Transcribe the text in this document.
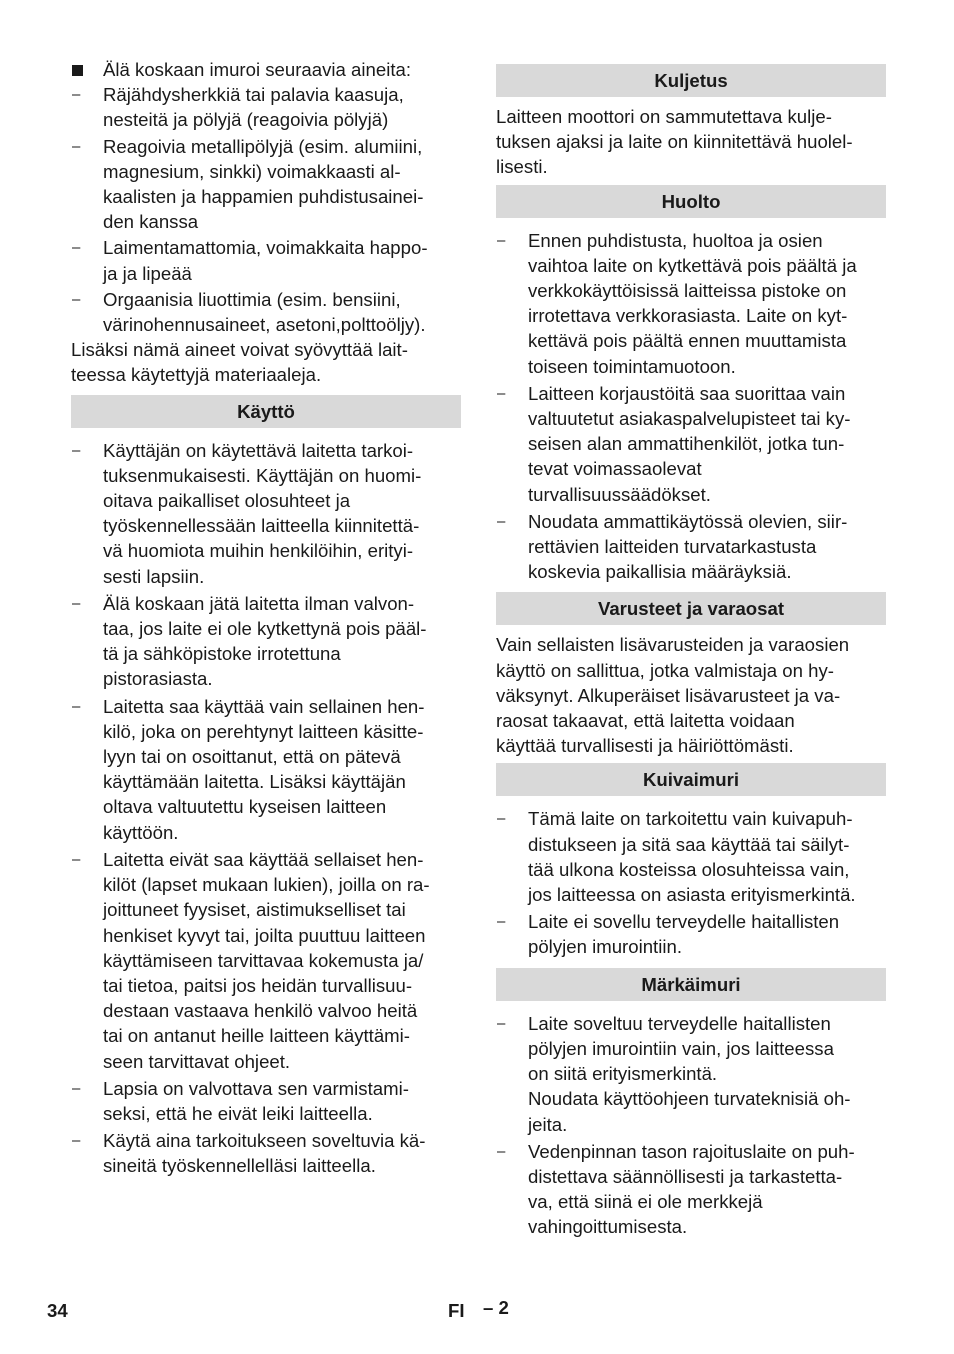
Älä koskaan imuroi seuraavia aineita:
–	Räjähdysherkkiä tai palavia kaasuja,
nesteitä ja pölyjä (reagoivia pölyjä)
–	Reagoivia metallipölyjä (esim. alumiini,
magnesium, sinkki) voimakkaasti al-
kaalisten ja happamien puhdistusainei-
den kanssa
–	Laimentamattomia, voimakkaita happo-
ja ja lipeää
–	Orgaanisia liuottimia (esim. bensiini,
värinohennusaineet, asetoni,polttoöljy).

Lisäksi nämä aineet voivat syövyttää lait-
teessa käytettyjä materiaaleja.

Käyttö
–	Käyttäjän on käytettävä laitetta tarkoi-
tuksenmukaisesti. Käyttäjän on huomi-
oitava paikalliset olosuhteet ja
työskennellessään laitteella kiinnitettä-
vä huomiota muihin henkilöihin, erityi-
sesti lapsiin.
–	Älä koskaan jätä laitetta ilman valvon-
taa, jos laite ei ole kytkettynä pois pääl-
tä ja sähköpistoke irrotettuna
pistorasiasta.
–	Laitetta saa käyttää vain sellainen hen-
kilö, joka on perehtynyt laitteen käsitte-
lyyn tai on osoittanut, että on pätevä
käyttämään laitetta. Lisäksi käyttäjän
oltava valtuutettu kyseisen laitteen
käyttöön.
–	Laitetta eivät saa käyttää sellaiset hen-
kilöt (lapset mukaan lukien), joilla on ra-
joittuneet fyysiset, aistimukselliset tai
henkiset kyvyt tai, joilta puuttuu laitteen
käyttämiseen tarvittavaa kokemusta ja/
tai tietoa, paitsi jos heidän turvallisuu-
destaan vastaava henkilö valvoo heitä
tai on antanut heille laitteen käyttämi-
seen tarvittavat ohjeet.
–	Lapsia on valvottava sen varmistami-
seksi, että he eivät leiki laitteella.
–	Käytä aina tarkoitukseen soveltuvia kä-
sineitä työskennellelläsi laitteella.
Kuljetus

Laitteen moottori on sammutettava kulje-
tuksen ajaksi ja laite on kiinnitettävä huolel-
lisesti.

Huolto
–	Ennen puhdistusta, huoltoa ja osien
vaihtoa laite on kytkettävä pois päältä ja
verkkokäyttöisissä laitteissa pistoke on
irrotettava verkkorasiasta. Laite on kyt-
kettävä pois päältä ennen muuttamista
toiseen toimintamuotoon.
–	Laitteen korjaustöitä saa suorittaa vain
valtuutetut asiakaspalvelupisteet tai ky-
seisen alan ammattihenkilöt, jotka tun-
tevat voimassaolevat
turvallisuussäädökset.
–	Noudata ammattikäytössä olevien, siir-
rettävien laitteiden turvatarkastusta
koskevia paikallisia määräyksiä.
Varusteet ja varaosat

Vain sellaisten lisävarusteiden ja varaosien
käyttö on sallittua, jotka valmistaja on hy-
väksynyt. Alkuperäiset lisävarusteet ja va-
raosat takaavat, että laitetta voidaan
käyttää turvallisesti ja häiriöttömästi.

Kuivaimuri
–	Tämä laite on tarkoitettu vain kuivapuh-
distukseen ja sitä saa käyttää tai säilyt-
tää ulkona kosteissa olosuhteissa vain,
jos laitteessa on asiasta erityismerkintä.
–	Laite ei sovellu terveydelle haitallisten
pölyjen imurointiin.
Märkäimuri
–	Laite soveltuu terveydelle haitallisten
pölyjen imurointiin vain, jos laitteessa
on siitä erityismerkintä.
Noudata käyttöohjeen turvateknisiä oh-
jeita.
–	Vedenpinnan tason rajoituslaite on puh-
distettava säännöllisesti ja tarkastetta-
va, että siinä ei ole merkkejä
vahingoittumisesta.
34	FI – 2
